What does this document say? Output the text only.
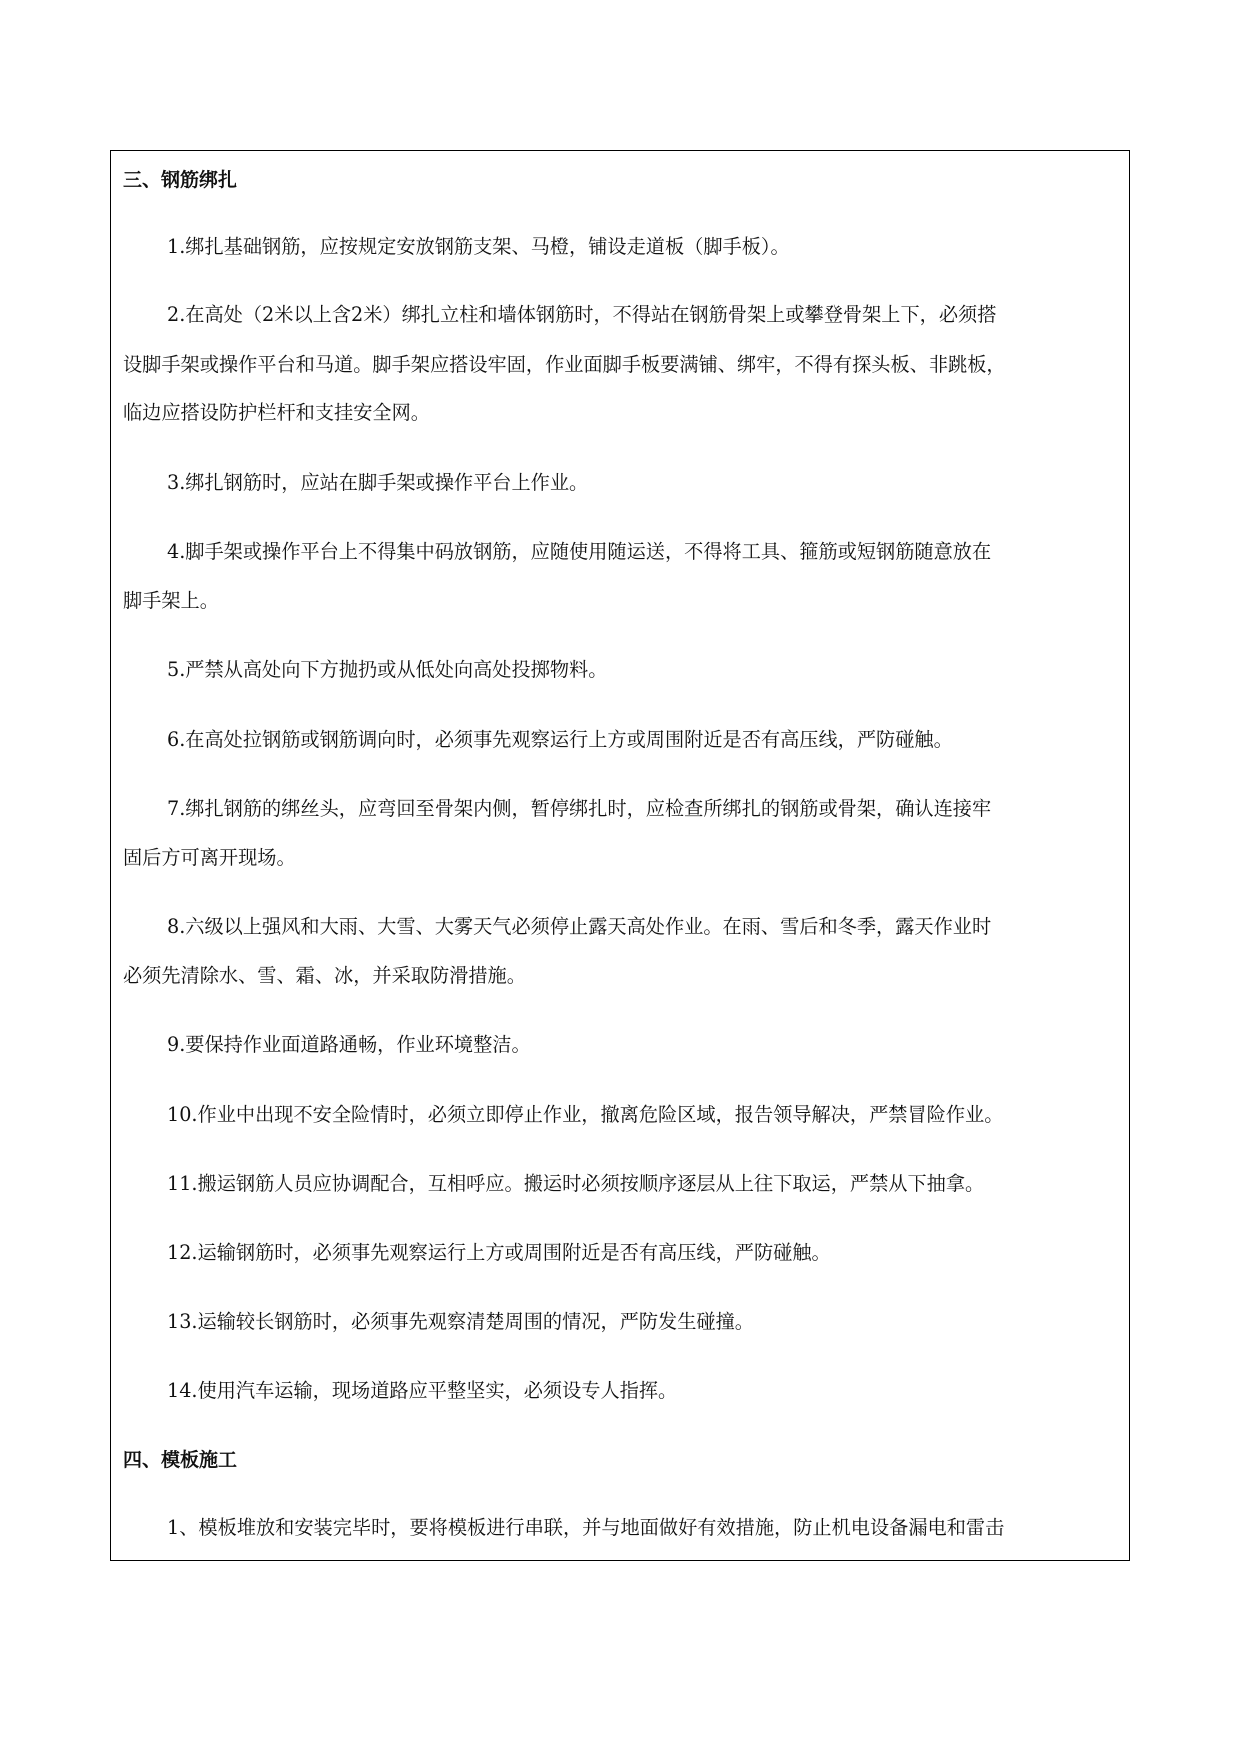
三、钢筋绑扎
1.绑扎基础钢筋，应按规定安放钢筋支架、马橙，铺设走道板（脚手板）。
2.在高处（2米以上含2米）绑扎立柱和墙体钢筋时，不得站在钢筋骨架上或攀登骨架上下，必须搭
设脚手架或操作平台和马道。脚手架应搭设牢固，作业面脚手板要满铺、绑牢，不得有探头板、非跳板，
临边应搭设防护栏杆和支挂安全网。
3.绑扎钢筋时，应站在脚手架或操作平台上作业。
4.脚手架或操作平台上不得集中码放钢筋，应随使用随运送，不得将工具、箍筋或短钢筋随意放在
脚手架上。
5.严禁从高处向下方抛扔或从低处向高处投掷物料。
6.在高处拉钢筋或钢筋调向时，必须事先观察运行上方或周围附近是否有高压线，严防碰触。
7.绑扎钢筋的绑丝头，应弯回至骨架内侧，暂停绑扎时，应检查所绑扎的钢筋或骨架，确认连接牢
固后方可离开现场。
8.六级以上强风和大雨、大雪、大雾天气必须停止露天高处作业。在雨、雪后和冬季，露天作业时
必须先清除水、雪、霜、冰，并采取防滑措施。
9.要保持作业面道路通畅，作业环境整洁。
10.作业中出现不安全险情时，必须立即停止作业，撤离危险区域，报告领导解决，严禁冒险作业。
11.搬运钢筋人员应协调配合，互相呼应。搬运时必须按顺序逐层从上往下取运，严禁从下抽拿。
12.运输钢筋时，必须事先观察运行上方或周围附近是否有高压线，严防碰触。
13.运输较长钢筋时，必须事先观察清楚周围的情况，严防发生碰撞。
14.使用汽车运输，现场道路应平整坚实，必须设专人指挥。
四、模板施工
1、模板堆放和安装完毕时，要将模板进行串联，并与地面做好有效措施，防止机电设备漏电和雷击
